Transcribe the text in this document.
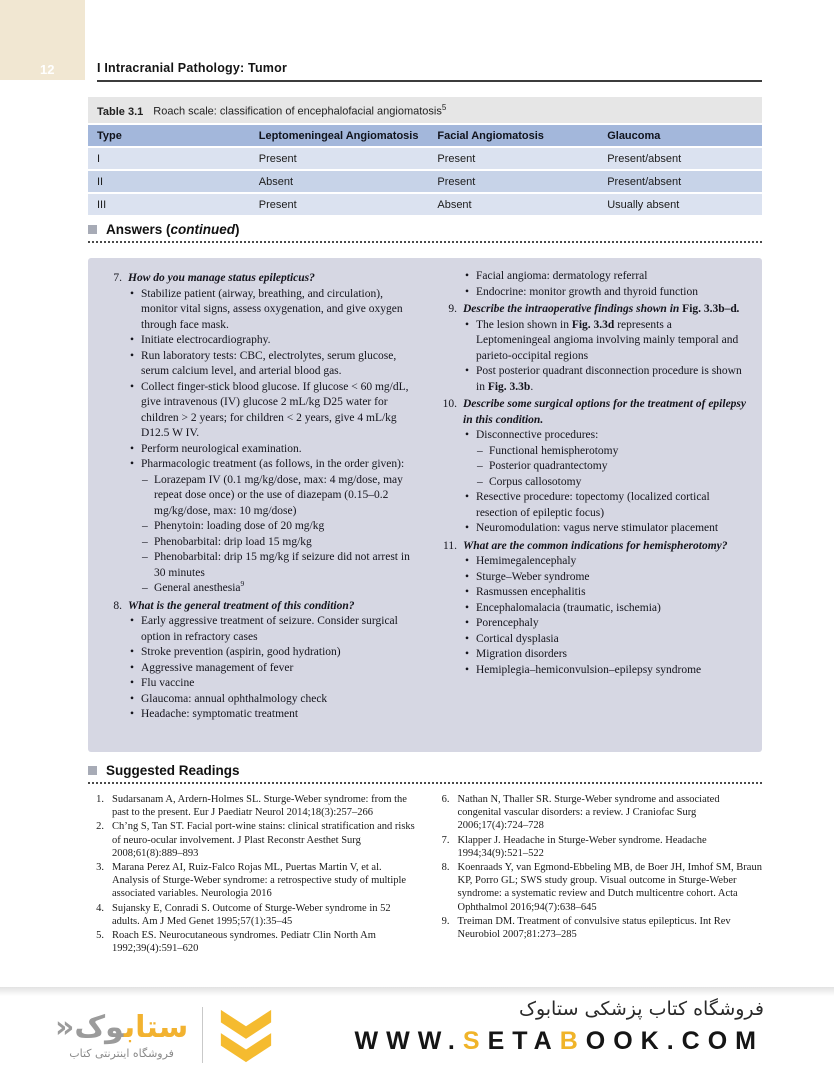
12	I Intracranial Pathology: Tumor
Table 3.1 Roach scale: classification of encephalofacial angiomatosis$^5$
Type	Leptomeningeal Angiomatosis	Facial Angiomatosis	Glaucoma
I	Present	Present	Present/absent
II	Absent	Present	Present/absent
III	Present	Absent	Usually absent
Answers (continued)
7. How do you manage status epilepticus?
• Stabilize patient (airway, breathing, and circulation), monitor vital signs, assess oxygenation, and give oxygen through face mask.
• Initiate electrocardiography.
• Run laboratory tests: CBC, electrolytes, serum glucose, serum calcium level, and arterial blood gas.
• Collect finger-stick blood glucose. If glucose < 60 mg/dL, give intravenous (IV) glucose 2 mL/kg D25 water for children > 2 years; for children < 2 years, give 4 mL/kg D12.5 W IV.
• Perform neurological examination.
• Pharmacologic treatment (as follows, in the order given):
– Lorazepam IV (0.1 mg/kg/dose, max: 4 mg/dose, may repeat dose once) or the use of diazepam (0.15–0.2 mg/kg/dose, max: 10 mg/dose)
– Phenytoin: loading dose of 20 mg/kg
– Phenobarbital: drip load 15 mg/kg
– Phenobarbital: drip 15 mg/kg if seizure did not arrest in 30 minutes
– General anesthesia$^9$
8. What is the general treatment of this condition?
• Early aggressive treatment of seizure. Consider surgical option in refractory cases
• Stroke prevention (aspirin, good hydration)
• Aggressive management of fever
• Flu vaccine
• Glaucoma: annual ophthalmology check
• Headache: symptomatic treatment
• Facial angioma: dermatology referral
• Endocrine: monitor growth and thyroid function
9. Describe the intraoperative findings shown in Fig. 3.3b–d.
• The lesion shown in Fig. 3.3d represents a Leptomeningeal angioma involving mainly temporal and parieto-occipital regions
• Post posterior quadrant disconnection procedure is shown in Fig. 3.3b.
10. Describe some surgical options for the treatment of epilepsy in this condition.
• Disconnective procedures:
– Functional hemispherotomy
– Posterior quadrantectomy
– Corpus callosotomy
• Resective procedure: topectomy (localized cortical resection of epileptic focus)
• Neuromodulation: vagus nerve stimulator placement
11. What are the common indications for hemispherotomy?
• Hemimegalencephaly
• Sturge–Weber syndrome
• Rasmussen encephalitis
• Encephalomalacia (traumatic, ischemia)
• Porencephaly
• Cortical dysplasia
• Migration disorders
• Hemiplegia–hemiconvulsion–epilepsy syndrome
Suggested Readings
1. Sudarsanam A, Ardern-Holmes SL. Sturge-Weber syndrome: from the past to the present. Eur J Paediatr Neurol 2014;18(3):257–266
2. Ch’ng S, Tan ST. Facial port-wine stains: clinical stratification and risks of neuro-ocular involvement. J Plast Reconstr Aesthet Surg 2008;61(8):889–893
3. Marana Perez AI, Ruiz-Falco Rojas ML, Puertas Martin V, et al. Analysis of Sturge-Weber syndrome: a retrospective study of multiple associated variables. Neurologia 2016
4. Sujansky E, Conradi S. Outcome of Sturge-Weber syndrome in 52 adults. Am J Med Genet 1995;57(1):35–45
5. Roach ES. Neurocutaneous syndromes. Pediatr Clin North Am 1992;39(4):591–620
6. Nathan N, Thaller SR. Sturge-Weber syndrome and associated congenital vascular disorders: a review. J Craniofac Surg 2006;17(4):724–728
7. Klapper J. Headache in Sturge-Weber syndrome. Headache 1994;34(9):521–522
8. Koenraads Y, van Egmond-Ebbeling MB, de Boer JH, Imhof SM, Braun KP, Porro GL; SWS study group. Visual outcome in Sturge-Weber syndrome: a systematic review and Dutch multicentre cohort. Acta Ophthalmol 2016;94(7):638–645
9. Treiman DM. Treatment of convulsive status epilepticus. Int Rev Neurobiol 2007;81:273–285
ستابوک«
فروشگاه اینترنتی کتاب
فروشگاه کتاب پزشکی ستابوک
WWW.SETABOOK.COM
